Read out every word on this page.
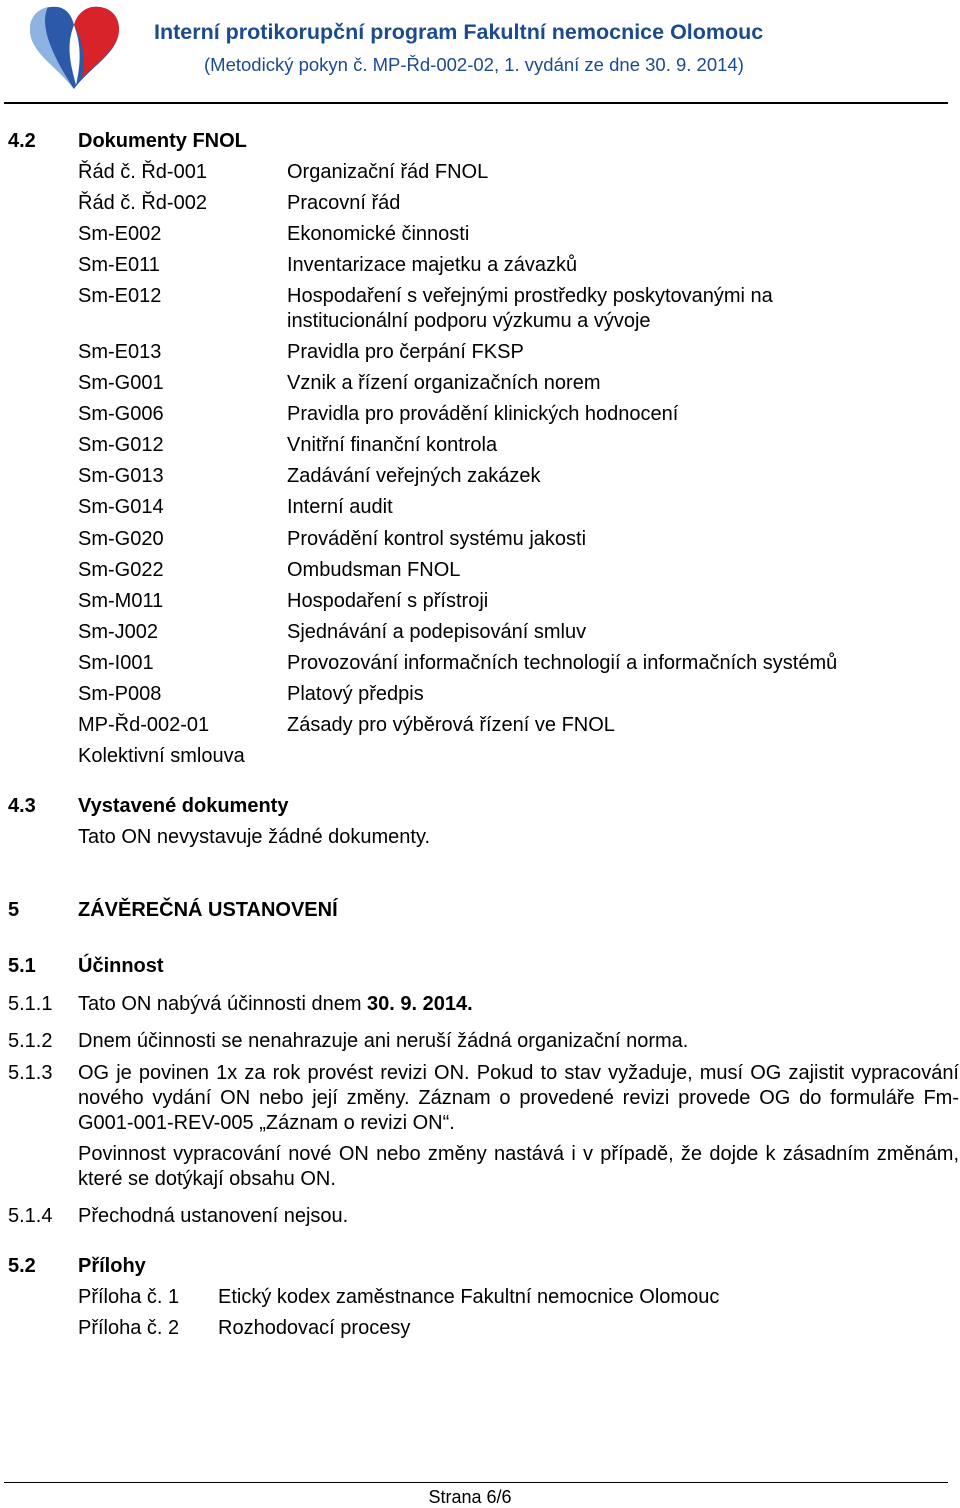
Interní protikorupční program Fakultní nemocnice Olomouc
(Metodický pokyn č. MP-Řd-002-02, 1. vydání ze dne 30. 9. 2014)
4.2 Dokumenty FNOL
Řád č. Řd-001	Organizační řád FNOL
Řád č. Řd-002	Pracovní řád
Sm-E002	Ekonomické činnosti
Sm-E011	Inventarizace majetku a závazků
Sm-E012	Hospodaření s veřejnými prostředky poskytovanými na
institucionální podporu výzkumu a vývoje
Sm-E013	Pravidla pro čerpání FKSP
Sm-G001	Vznik a řízení organizačních norem
Sm-G006	Pravidla pro provádění klinických hodnocení
Sm-G012	Vnitřní finanční kontrola
Sm-G013	Zadávání veřejných zakázek
Sm-G014	Interní audit
Sm-G020	Provádění kontrol systému jakosti
Sm-G022	Ombudsman FNOL
Sm-M011	Hospodaření s přístroji
Sm-J002	Sjednávání a podepisování smluv
Sm-I001	Provozování informačních technologií a informačních systémů
Sm-P008	Platový předpis
MP-Řd-002-01	Zásady pro výběrová řízení ve FNOL
Kolektivní smlouva
4.3 Vystavené dokumenty
Tato ON nevystavuje žádné dokumenty.
5	ZÁVĚREČNÁ USTANOVENÍ
5.1 Účinnost
5.1.1 Tato ON nabývá účinnosti dnem 30. 9. 2014.
5.1.2 Dnem účinnosti se nenahrazuje ani neruší žádná organizační norma.
5.1.3 OG je povinen 1x za rok provést revizi ON. Pokud to stav vyžaduje, musí OG zajistit vypracování nového vydání ON nebo její změny. Záznam o provedené revizi provede OG do formuláře Fm-G001-001-REV-005 „Záznam o revizi ON“.
Povinnost vypracování nové ON nebo změny nastává i v případě, že dojde k zásadním změnám, které se dotýkají obsahu ON.
5.1.4 Přechodná ustanovení nejsou.
5.2 Přílohy
Příloha č. 1 Etický kodex zaměstnance Fakultní nemocnice Olomouc
Příloha č. 2 Rozhodovací procesy
Strana 6/6
